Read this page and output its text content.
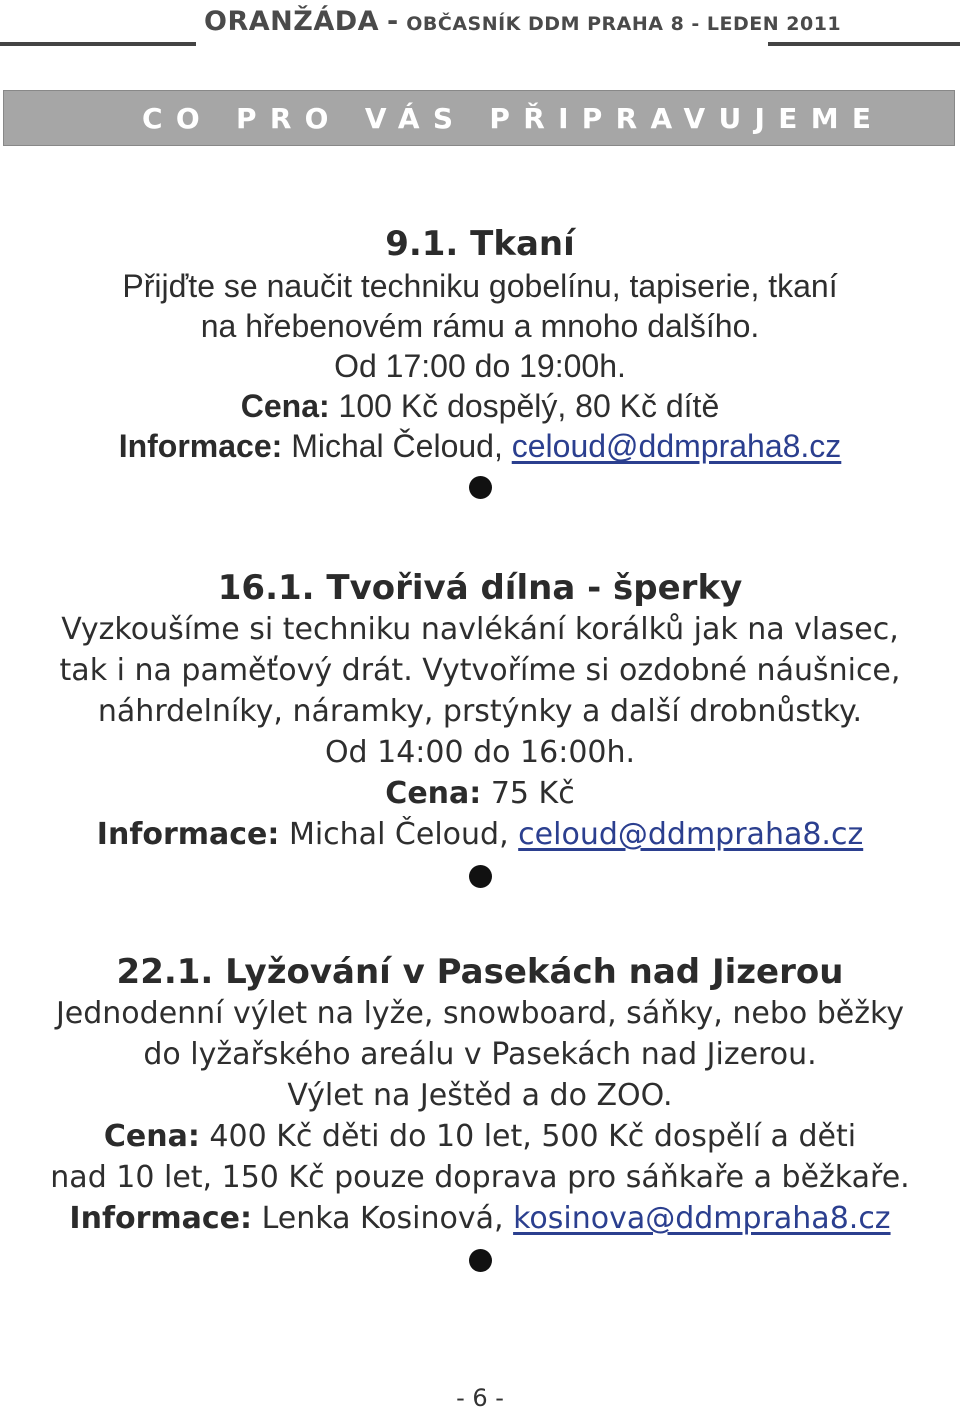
ORANŽÁDA - OBČASNÍK DDM PRAHA 8 - LEDEN 2011
CO PRO VÁS PŘIPRAVUJEME
9.1. Tkaní
Přijďte se naučit techniku gobelínu, tapiserie, tkaní
na hřebenovém rámu a mnoho dalšího.
Od 17:00 do 19:00h.
Cena: 100 Kč dospělý, 80 Kč dítě
Informace: Michal Čeloud, celoud@ddmpraha8.cz
16.1. Tvořivá dílna - šperky
Vyzkoušíme si techniku navlékání korálků jak na vlasec,
tak i na paměťový drát. Vytvoříme si ozdobné náušnice,
náhrdelníky, náramky, prstýnky a další drobnůstky.
Od 14:00 do 16:00h.
Cena: 75 Kč
Informace: Michal Čeloud, celoud@ddmpraha8.cz
22.1. Lyžování v Pasekách nad Jizerou
Jednodenní výlet na lyže, snowboard, sáňky, nebo běžky
do lyžařského areálu v Pasekách nad Jizerou.
Výlet na Ještěd a do ZOO.
Cena: 400 Kč děti do 10 let, 500 Kč dospělí a děti
nad 10 let, 150 Kč pouze doprava pro sáňkaře a běžkaře.
Informace: Lenka Kosinová, kosinova@ddmpraha8.cz
- 6 -
